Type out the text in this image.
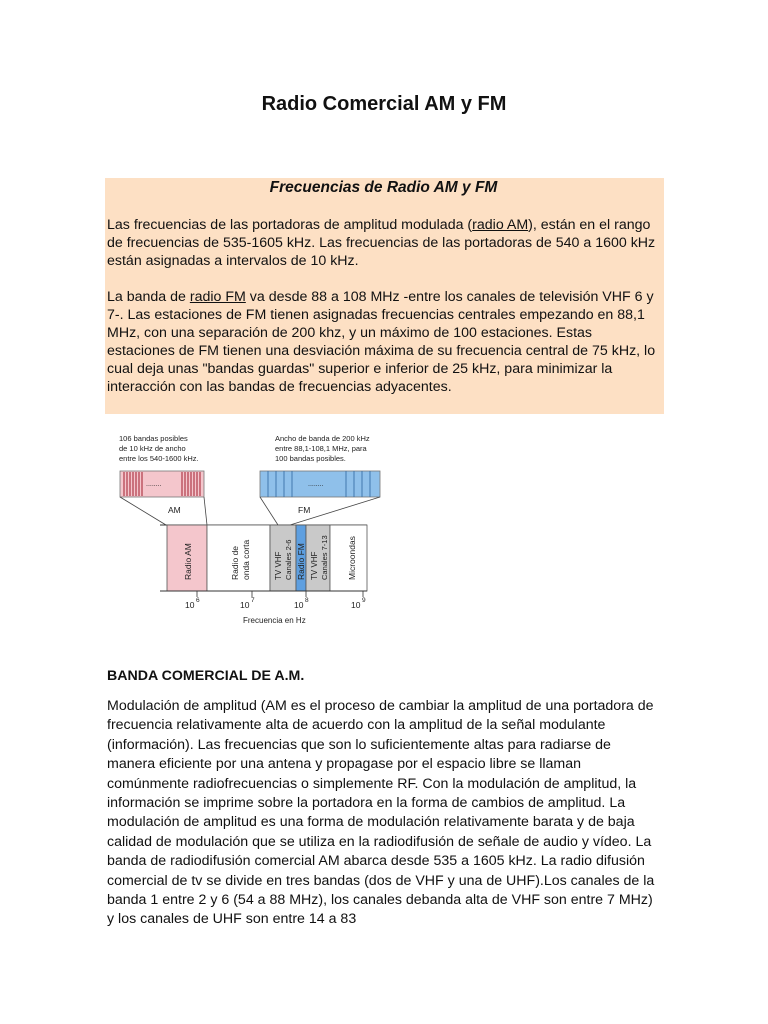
Radio Comercial AM y FM
Frecuencias de Radio AM y FM

Las frecuencias de las portadoras de amplitud modulada (radio AM), están en el rango de frecuencias de 535-1605 kHz. Las frecuencias de las portadoras de 540 a 1600 kHz están asignadas a intervalos de 10 kHz.

La banda de radio FM va desde 88 a 108 MHz -entre los canales de televisión VHF 6 y 7-. Las estaciones de FM tienen asignadas frecuencias centrales empezando en 88,1 MHz, con una separación de 200 khz, y un máximo de 100 estaciones. Estas estaciones de FM tienen una desviación máxima de su frecuencia central de 75 kHz, lo cual deja unas "bandas guardas" superior e inferior de 25 kHz, para minimizar la interacción con las bandas de frecuencias adyacentes.

106 bandas posibles
de 10 kHz de ancho
entre los 540-1600 kHz.
Ancho de banda de 200 kHz
entre 88,1-108,1 MHz, para
100 bandas posibles.
........	........
AM	FM
Radio AM	Radio de onda corta	TV VHF Canales 2-6 Radio FM TV VHF Canales 7-13 Microondas
10 6	10 7	10 8	10 9
Frecuencia en Hz
BANDA COMERCIAL DE A.M.

Modulación de amplitud (AM es el proceso de cambiar la amplitud de una portadora de frecuencia relativamente alta de acuerdo con la amplitud de la señal modulante (información). Las frecuencias que son lo suficientemente altas para radiarse de manera eficiente por una antena y propagase por el espacio libre se llaman comúnmente radiofrecuencias o simplemente RF. Con la modulación de amplitud, la información se imprime sobre la portadora en la forma de cambios de amplitud. La modulación de amplitud es una forma de modulación relativamente barata y de baja calidad de modulación que se utiliza en la radiodifusión de señale de audio y vídeo. La banda de radiodifusión comercial AM abarca desde 535 a 1605 kHz. La radio difusión comercial de tv se divide en tres bandas (dos de VHF y una de UHF).Los canales de la banda 1 entre 2 y 6 (54 a 88 MHz), los canales debanda alta de VHF son entre 7 MHz) y los canales de UHF son entre 14 a 83
